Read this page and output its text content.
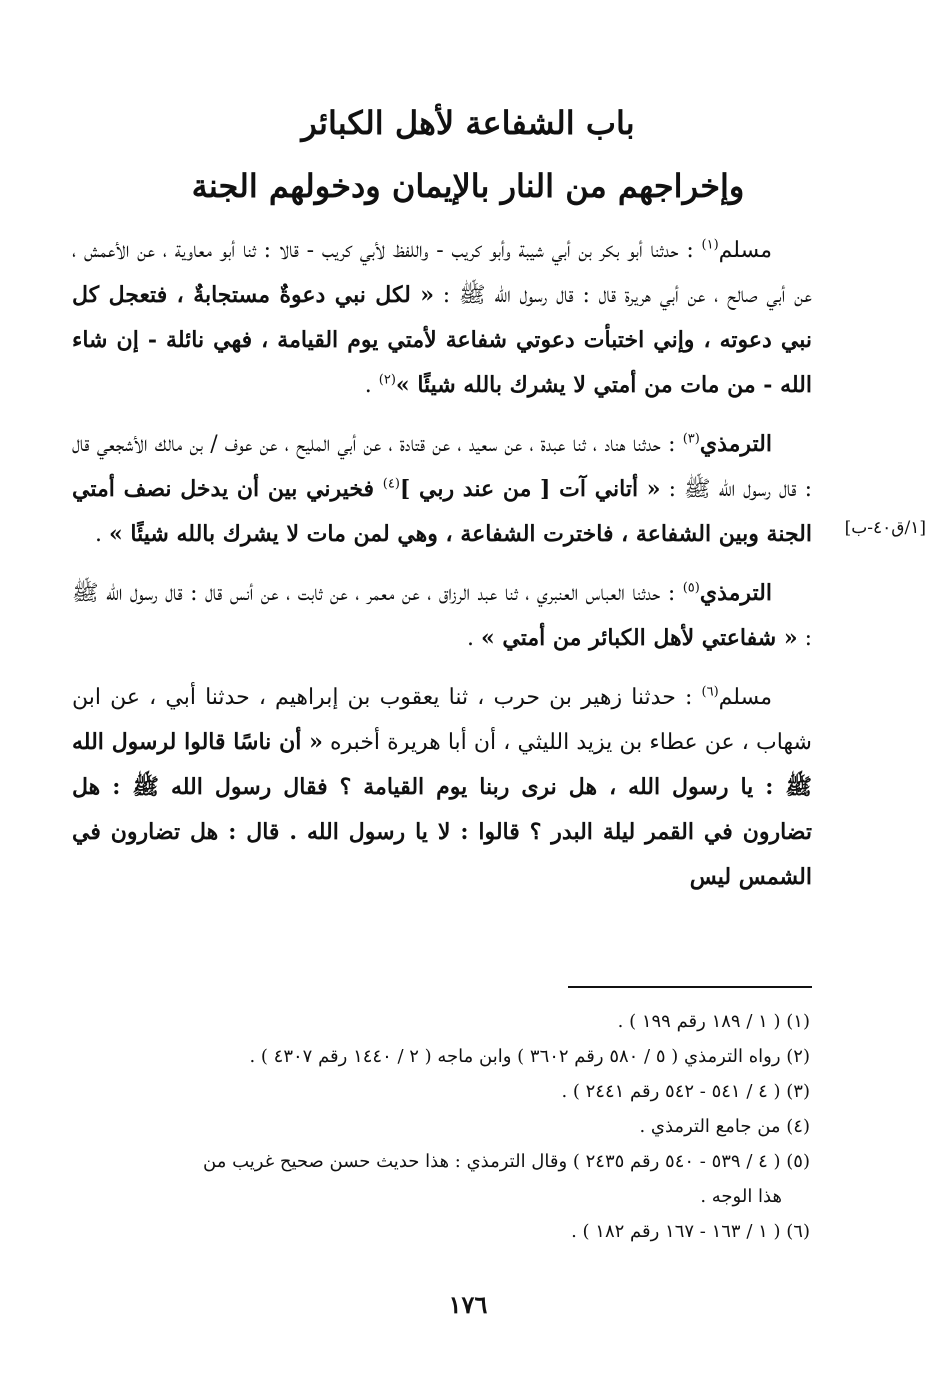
باب الشفاعة لأهل الكبائر
وإخراجهم من النار بالإيمان ودخولهم الجنة
[١/ق٤٠-ب]
مسلم$^{(١)}$ : حدثنا أبو بكر بن أبي شيبة وأبو كريب - واللفظ لأبي كريب - قالا : ثنا أبو معاوية ، عن الأعمش ، عن أبي صالح ، عن أبي هريرة قال : قال رسول الله ﷺ : « لكل نبي دعوةٌ مستجابةٌ ، فتعجل كل نبي دعوته ، وإني اختبأت دعوتي شفاعة لأمتي يوم القيامة ، فهي نائلة - إن شاء الله - من مات من أمتي لا يشرك بالله شيئًا »$^{(٢)}$ .
الترمذي$^{(٣)}$ : حدثنا هناد ، ثنا عبدة ، عن سعيد ، عن قتادة ، عن أبي المليح ، عن عوف / بن مالك الأشجعي قال : قال رسول الله ﷺ : « أتاني آت [ من عند ربي ]$^{(٤)}$ فخيرني بين أن يدخل نصف أمتي الجنة وبين الشفاعة ، فاخترت الشفاعة ، وهي لمن مات لا يشرك بالله شيئًا » .
الترمذي$^{(٥)}$ : حدثنا العباس العنبري ، ثنا عبد الرزاق ، عن معمر ، عن ثابت ، عن أنس قال : قال رسول الله ﷺ : « شفاعتي لأهل الكبائر من أمتي » .
مسلم$^{(٦)}$ : حدثنا زهير بن حرب ، ثنا يعقوب بن إبراهيم ، حدثنا أبي ، عن ابن شهاب ، عن عطاء بن يزيد الليثي ، أن أبا هريرة أخبره « أن ناسًا قالوا لرسول الله ﷺ : يا رسول الله ، هل نرى ربنا يوم القيامة ؟ فقال رسول الله ﷺ : هل تضارون في القمر ليلة البدر ؟ قالوا : لا يا رسول الله . قال : هل تضارون في الشمس ليس

(١) ( ١ / ١٨٩ رقم ١٩٩ ) .

(٢) رواه الترمذي ( ٥ / ٥٨٠ رقم ٣٦٠٢ ) وابن ماجه ( ٢ / ١٤٤٠ رقم ٤٣٠٧ ) .

(٣) ( ٤ / ٥٤١ - ٥٤٢ رقم ٢٤٤١ ) .

(٤) من جامع الترمذي .

(٥) ( ٤ / ٥٣٩ - ٥٤٠ رقم ٢٤٣٥ ) وقال الترمذي : هذا حديث حسن صحيح غريب من

هذا الوجه .

(٦) ( ١ / ١٦٣ - ١٦٧ رقم ١٨٢ ) .

١٧٦
